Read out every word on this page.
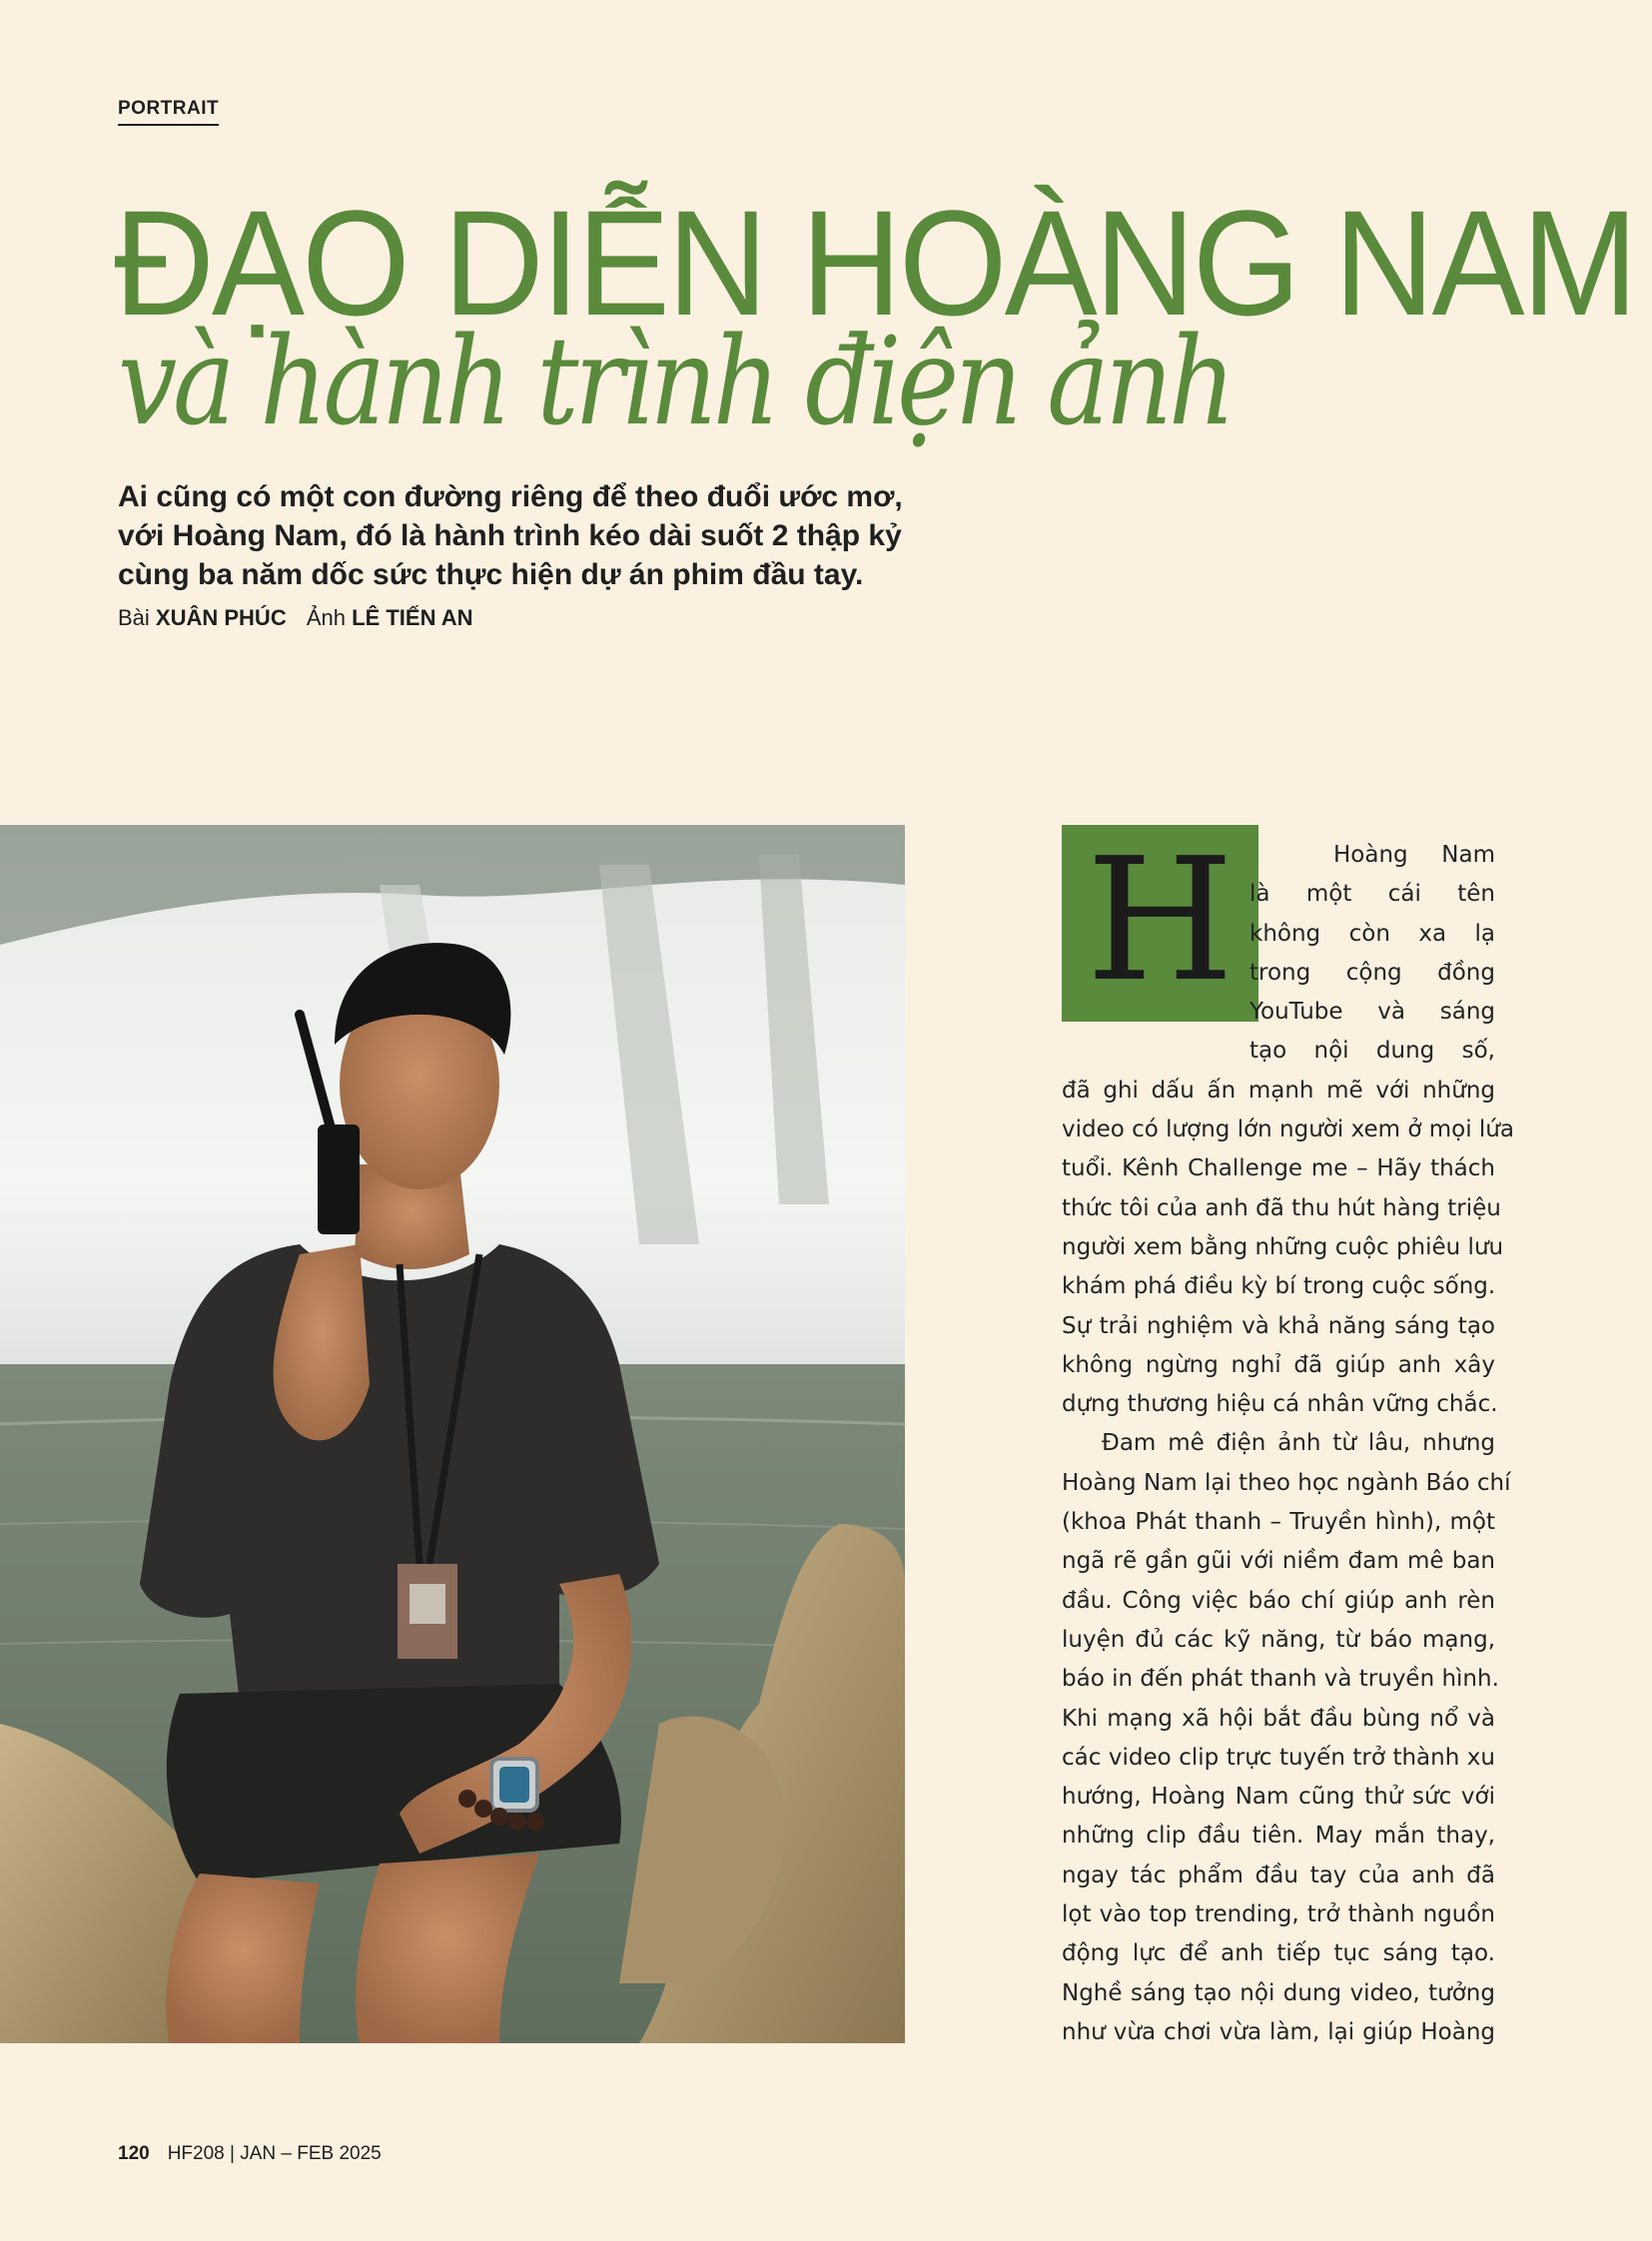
PORTRAIT
ĐẠO DIỄN HOÀNG NAM
và hành trình điện ảnh
Ai cũng có một con đường riêng để theo đuổi ước mơ,
với Hoàng Nam, đó là hành trình kéo dài suốt 2 thập kỷ
cùng ba năm dốc sức thực hiện dự án phim đầu tay.
Bài XUÂN PHÚC Ảnh LÊ TIẾN AN
H	Hoàng Nam
là một cái tên
không còn xa lạ
trong cộng đồng
YouTube và sáng
tạo nội dung số,
đã ghi dấu ấn mạnh mẽ với những
video có lượng lớn người xem ở mọi lứa
tuổi. Kênh Challenge me – Hãy thách
thức tôi của anh đã thu hút hàng triệu
người xem bằng những cuộc phiêu lưu
khám phá điều kỳ bí trong cuộc sống.
Sự trải nghiệm và khả năng sáng tạo
không ngừng nghỉ đã giúp anh xây
dựng thương hiệu cá nhân vững chắc.
Đam mê điện ảnh từ lâu, nhưng
Hoàng Nam lại theo học ngành Báo chí
(khoa Phát thanh – Truyền hình), một
ngã rẽ gần gũi với niềm đam mê ban
đầu. Công việc báo chí giúp anh rèn
luyện đủ các kỹ năng, từ báo mạng,
báo in đến phát thanh và truyền hình.
Khi mạng xã hội bắt đầu bùng nổ và
các video clip trực tuyến trở thành xu
hướng, Hoàng Nam cũng thử sức với
những clip đầu tiên. May mắn thay,
ngay tác phẩm đầu tay của anh đã
lọt vào top trending, trở thành nguồn
động lực để anh tiếp tục sáng tạo.
Nghề sáng tạo nội dung video, tưởng
như vừa chơi vừa làm, lại giúp Hoàng
120 HF208 | JAN – FEB 2025
